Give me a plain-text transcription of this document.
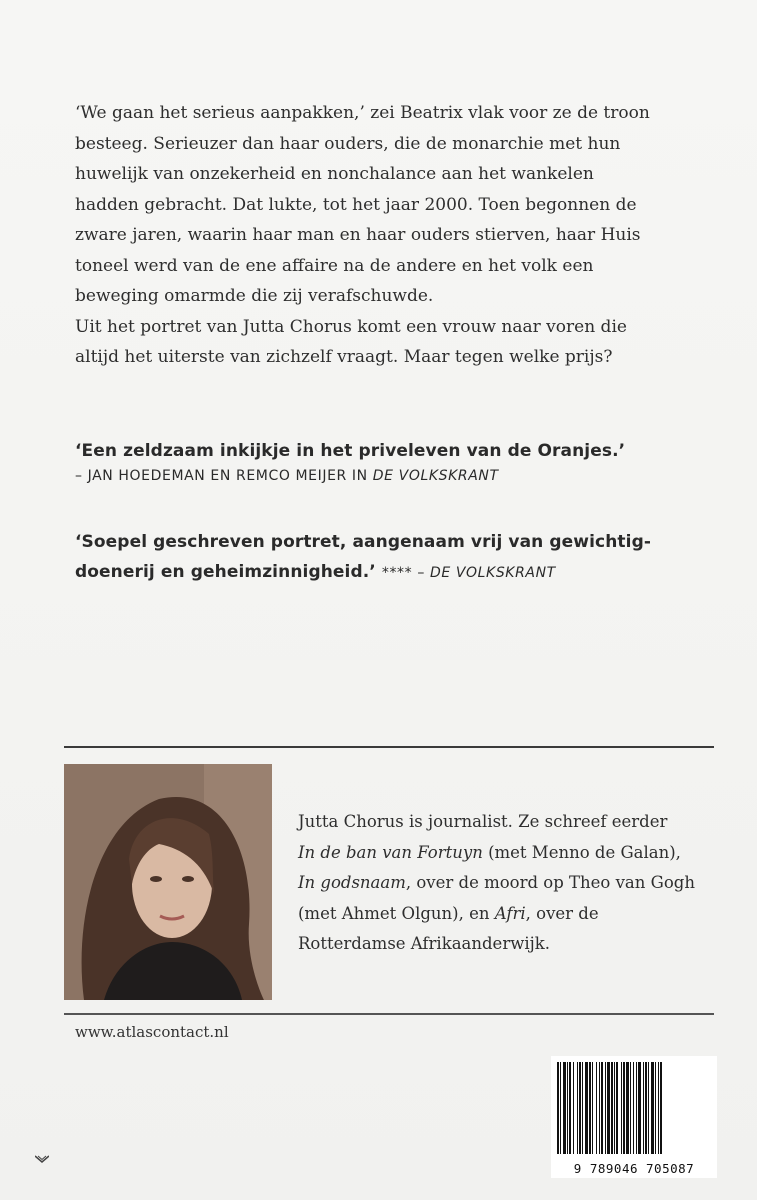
‘We gaan het serieus aanpakken,’ zei Beatrix vlak voor ze de troon
besteeg. Serieuzer dan haar ouders, die de monarchie met hun
huwelijk van onzekerheid en nonchalance aan het wankelen
hadden gebracht. Dat lukte, tot het jaar 2000. Toen begonnen de
zware jaren, waarin haar man en haar ouders stierven, haar Huis
toneel werd van de ene affaire na de andere en het volk een
beweging omarmde die zij verafschuwde.

Uit het portret van Jutta Chorus komt een vrouw naar voren die
altijd het uiterste van zichzelf vraagt. Maar tegen welke prijs?

‘Een zeldzaam inkijkje in het priveleven van de Oranjes.’
– JAN HOEDEMAN EN REMCO MEIJER IN DE VOLKSKRANT
‘Soepel geschreven portret, aangenaam vrij van gewichtig-
doenerij en geheimzinnigheid.’ **** – DE VOLKSKRANT
Jutta Chorus is journalist. Ze schreef eerder
In de ban van Fortuyn (met Menno de Galan),
In godsnaam, over de moord op Theo van Gogh
(met Ahmet Olgun), en Afri, over de
Rotterdamse Afrikaanderwijk.
www.atlascontact.nl
9 789046 705087
